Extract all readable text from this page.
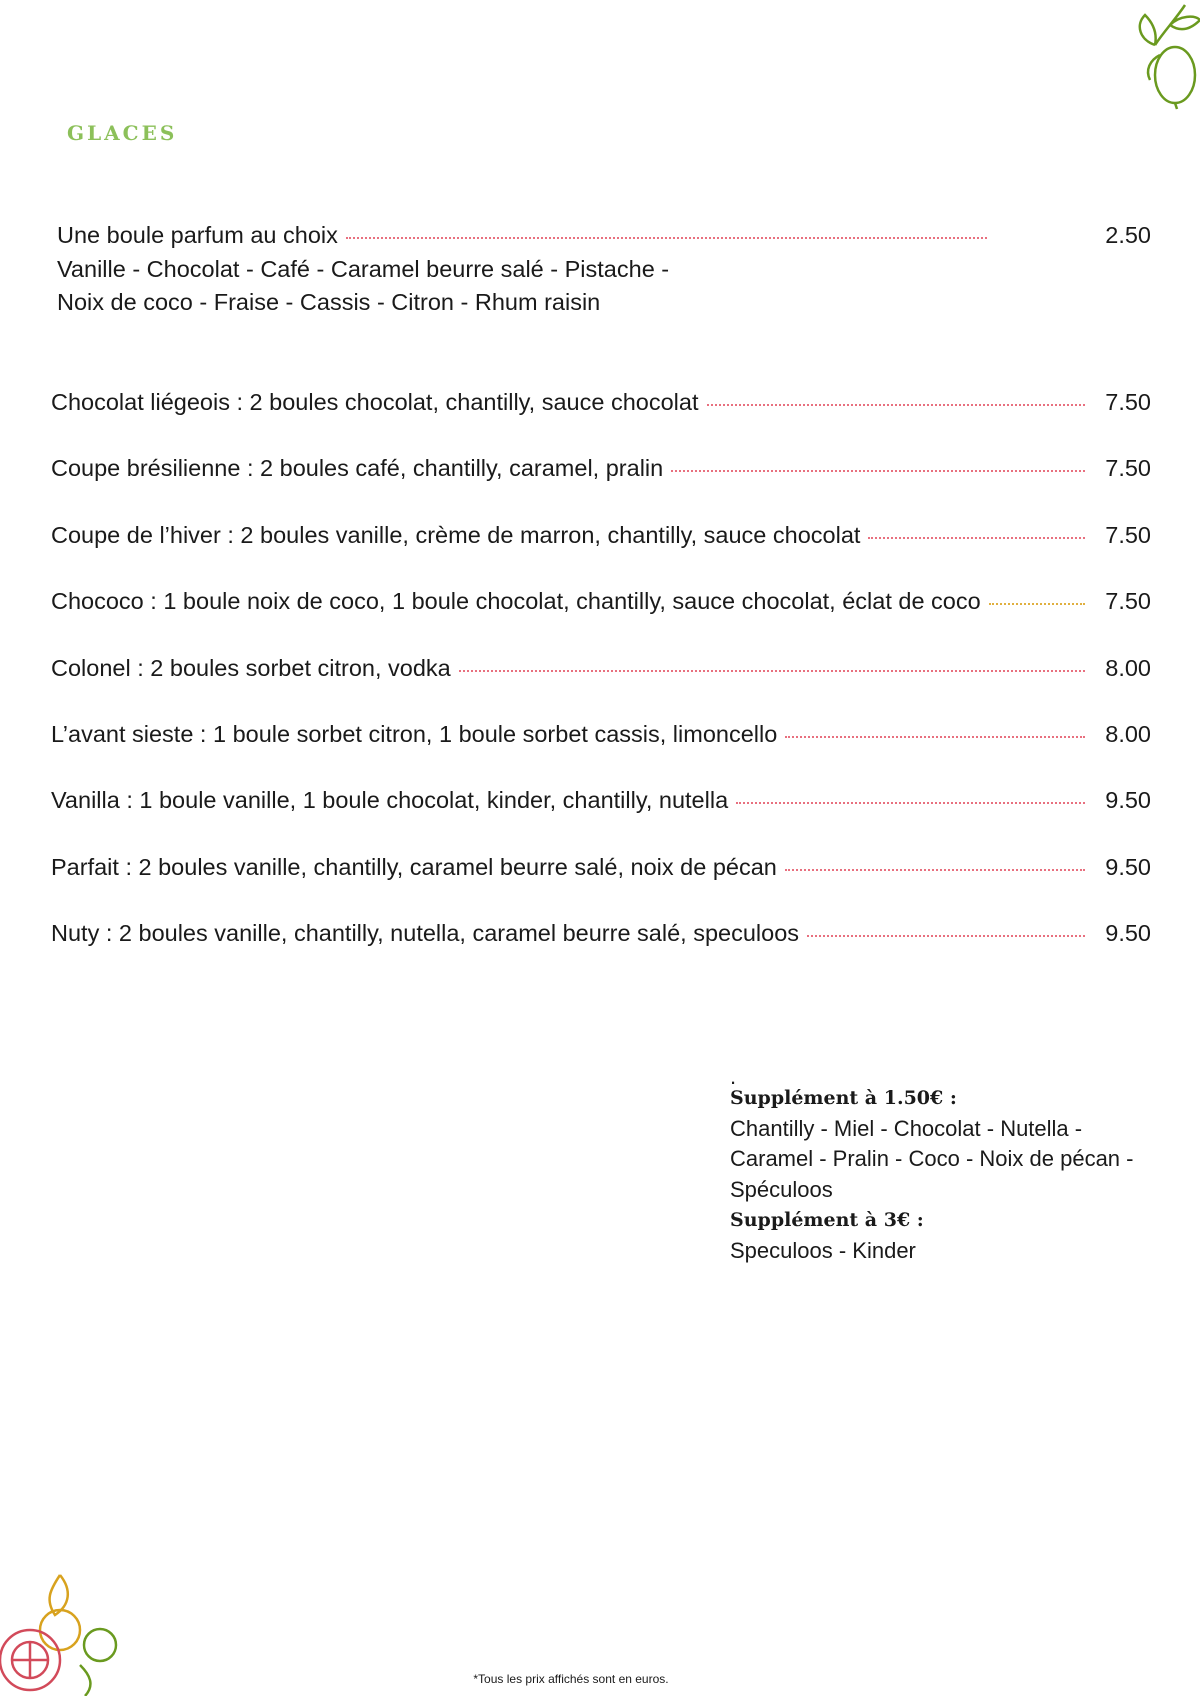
GLACES
Une boule parfum au choix	2.50
Vanille - Chocolat - Café - Caramel beurre salé - Pistache -
Noix de coco - Fraise - Cassis - Citron - Rhum raisin
Chocolat liégeois : 2 boules chocolat, chantilly, sauce chocolat	7.50
Coupe brésilienne : 2 boules café, chantilly, caramel, pralin	7.50
Coupe de l’hiver : 2 boules vanille, crème de marron, chantilly, sauce chocolat	7.50
Chococo : 1 boule noix de coco, 1 boule chocolat, chantilly, sauce chocolat, éclat de coco	7.50
Colonel : 2 boules sorbet citron, vodka	8.00
L’avant sieste : 1 boule sorbet citron, 1 boule sorbet cassis, limoncello	8.00
Vanilla : 1 boule vanille, 1 boule chocolat, kinder, chantilly, nutella	9.50
Parfait : 2 boules vanille, chantilly, caramel beurre salé, noix de pécan	9.50
Nuty : 2 boules vanille, chantilly, nutella, caramel beurre salé, speculoos	9.50
.
Supplément à 1.50€ :
Chantilly - Miel - Chocolat - Nutella -
Caramel - Pralin - Coco - Noix de pécan -
Spéculoos
Supplément à 3€ :
Speculoos - Kinder
*Tous les prix affichés sont en euros.
